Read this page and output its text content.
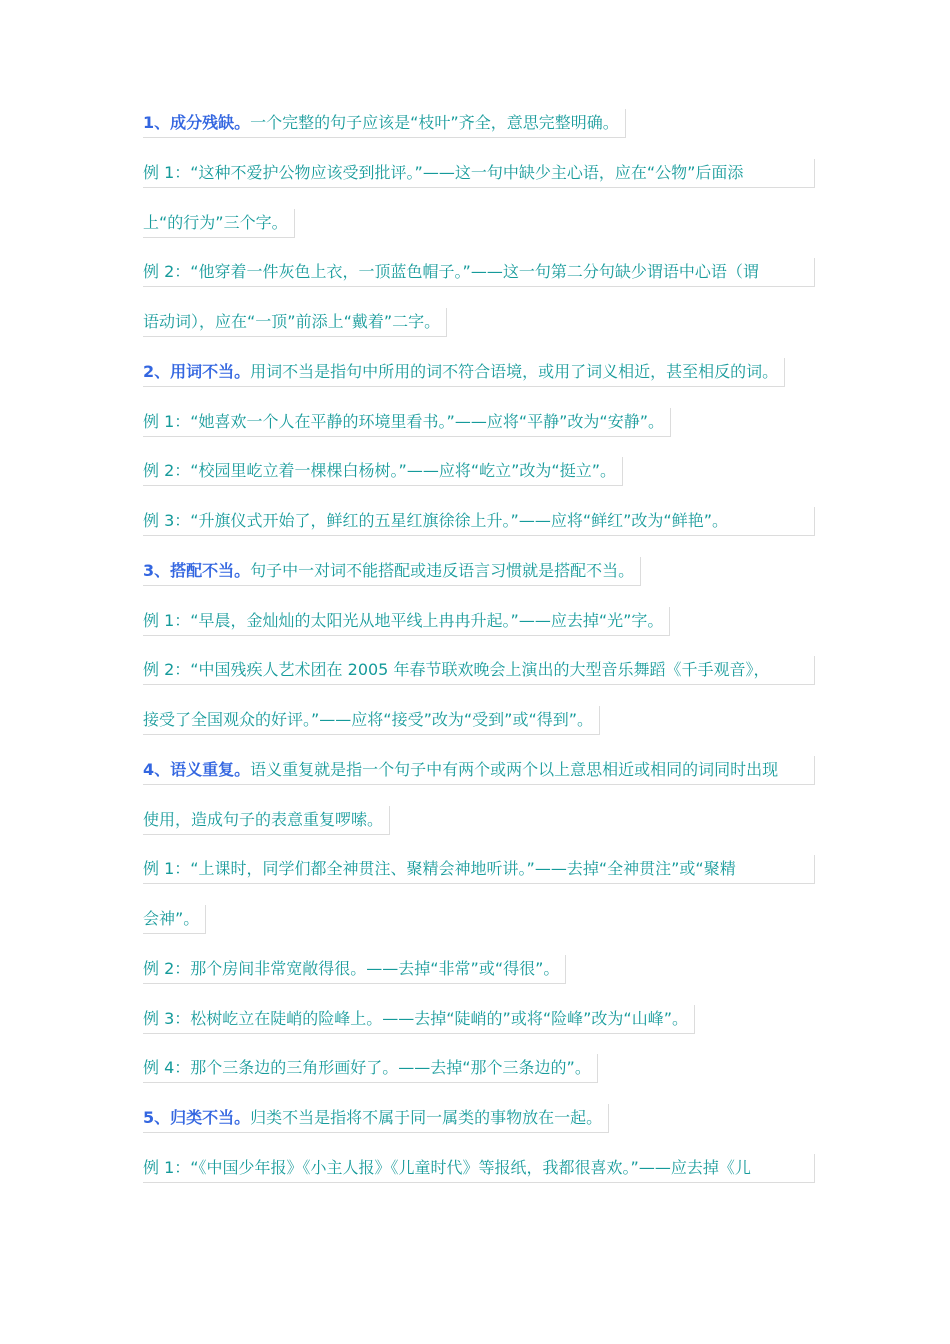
1、成分残缺。一个完整的句子应该是“枝叶”齐全，意思完整明确。
例 1：“这种不爱护公物应该受到批评。”——这一句中缺少主心语，应在“公物”后面添
上“的行为”三个字。
例 2：“他穿着一件灰色上衣，一顶蓝色帽子。”——这一句第二分句缺少谓语中心语（谓
语动词），应在“一顶”前添上“戴着”二字。
2、用词不当。用词不当是指句中所用的词不符合语境，或用了词义相近，甚至相反的词。
例 1：“她喜欢一个人在平静的环境里看书。”——应将“平静”改为“安静”。
例 2：“校园里屹立着一棵棵白杨树。”——应将“屹立”改为“挺立”。
例 3：“升旗仪式开始了，鲜红的五星红旗徐徐上升。”——应将“鲜红”改为“鲜艳”。
3、搭配不当。句子中一对词不能搭配或违反语言习惯就是搭配不当。
例 1：“早晨，金灿灿的太阳光从地平线上冉冉升起。”——应去掉“光”字。
例 2：“中国残疾人艺术团在 2005 年春节联欢晚会上演出的大型音乐舞蹈《千手观音》，
接受了全国观众的好评。”——应将“接受”改为“受到”或“得到”。
4、语义重复。语义重复就是指一个句子中有两个或两个以上意思相近或相同的词同时出现
使用，造成句子的表意重复啰嗦。
例 1：“上课时，同学们都全神贯注、聚精会神地听讲。”——去掉“全神贯注”或“聚精
会神”。
例 2：那个房间非常宽敞得很。——去掉“非常”或“得很”。
例 3：松树屹立在陡峭的险峰上。——去掉“陡峭的”或将“险峰”改为“山峰”。
例 4：那个三条边的三角形画好了。——去掉“那个三条边的”。
5、归类不当。归类不当是指将不属于同一属类的事物放在一起。
例 1：“《中国少年报》《小主人报》《儿童时代》等报纸，我都很喜欢。”——应去掉《儿
